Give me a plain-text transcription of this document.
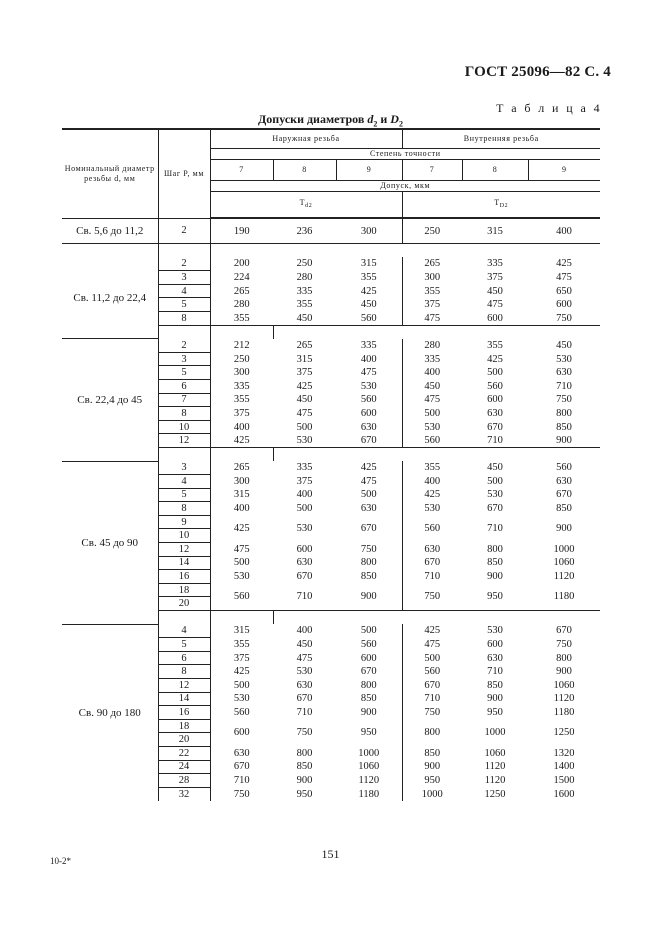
ГОСТ 25096—82 С. 4
Т а б л и ц а 4
Допуски диаметров $d_2$ и $D_2$
Номинальный диаметр резьбы d, мм	Шаг P, мм	Наружная резьба			Внутренняя резьба		
		Степень точности					
		7	8	9	7	8	9
		Допуск, мкм					
		$T_{d2}$			$T_{D2}$
Св. 5,6 до 11,2	2	190	236	300	250	315	400

Св. 11,2 до 22,4	2	200	250	315	265	335	425
	3	224	280	355	300	375	475
	4	265	335	425	355	450	650
	5	280	355	450	375	475	600
	8	355	450	560	475	600	750

Св. 22,4 до 45	2	212	265	335	280	355	450
	3	250	315	400	335	425	530
	5	300	375	475	400	500	630
	6	335	425	530	450	560	710
	7	355	450	560	475	600	750
	8	375	475	600	500	630	800
	10	400	500	630	530	670	850
	12	425	530	670	560	710	900

Св. 45 до 90	3	265	335	425	355	450	560
	4	300	375	475	400	500	630
	5	315	400	500	425	530	670
	8	400	500	630	530	670	850
	9	425	530	670	560	710	900
	10						
	12	475	600	750	630	800	1000
	14	500	630	800	670	850	1060
	16	530	670	850	710	900	1120
	18	560	710	900	750	950	1180
	20						

Св. 90 до 180	4	315	400	500	425	530	670
	5	355	450	560	475	600	750
	6	375	475	600	500	630	800
	8	425	530	670	560	710	900
	12	500	630	800	670	850	1060
	14	530	670	850	710	900	1120
	16	560	710	900	750	950	1180
	18	600	750	950	800	1000	1250
	20						
	22	630	800	1000	850	1060	1320
	24	670	850	1060	900	1120	1400
	28	710	900	1120	950	1120	1500
	32	750	950	1180	1000	1250	1600
151
10-2*
